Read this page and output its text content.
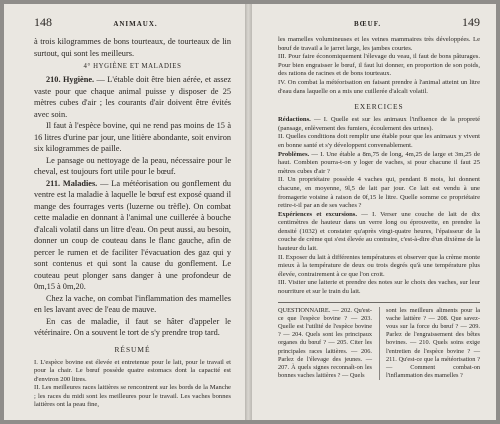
148	ANIMAUX.

à trois kilogrammes de bons tourteaux, de tourteaux de lin surtout, qui sont les meilleurs.

4° HYGIÈNE ET MALADIES

210. Hygiène. — L'étable doit être bien aérée, et assez vaste pour que chaque animal puisse y disposer de 25 mètres cubes d'air ; les courants d'air doivent être évités avec soin.

Il faut à l'espèce bovine, qui ne rend pas moins de 15 à 16 litres d'urine par jour, une litière abondante, soit environ six kilogrammes de paille.

Le pansage ou nettoyage de la peau, nécessaire pour le cheval, est toujours fort utile pour le bœuf.

211. Maladies. — La météorisation ou gonflement du ventre est la maladie à laquelle le bœuf est exposé quand il mange des fourrages verts (luzerne ou trèfle). On combat cette maladie en donnant à l'animal une cuillerée à bouche d'alcali volatil dans un litre d'eau. On peut aussi, au besoin, donner un coup de couteau dans le flanc gauche, afin de percer le rumen et de faciliter l'évacuation des gaz qui y sont contenus et qui sont la cause du gonflement. Le couteau peut plonger sans danger à une profondeur de 0m,15 à 0m,20.

Chez la vache, on combat l'inflammation des mamelles en les lavant avec de l'eau de mauve.

En cas de maladie, il faut se hâter d'appeler le vétérinaire. On a souvent le tort de s'y prendre trop tard.

RÉSUMÉ

I. L'espèce bovine est élevée et entretenue pour le lait, pour le travail et pour la chair. Le bœuf possède quatre estomacs dont la capacité est d'environ 200 litres.

II. Les meilleures races laitières se rencontrent sur les bords de la Manche ; les races du midi sont les meilleures pour le travail. Les vaches bonnes laitières ont la peau fine,

BŒUF.	149

les mamelles volumineuses et les veines mammaires très développées. Le bœuf de travail a le jarret large, les jambes courtes.

III. Pour faire économiquement l'élevage du veau, il faut de bons pâturages. Pour bien engraisser le bœuf, il faut lui donner, en proportion de son poids, des rations de racines et de bons tourteaux.

IV. On combat la météorisation en faisant prendre à l'animal atteint un litre d'eau dans laquelle on a mis une cuillerée d'alcali volatil.

EXERCICES

Rédactions. — I. Quelle est sur les animaux l'influence de la propreté (pansage, enlèvement des fumiers, écoulement des urines).
II. Quelles conditions doit remplir une étable pour que les animaux y vivent en bonne santé et s'y développent convenablement.

Problèmes. — I. Une étable a 8m,75 de long, 4m,25 de large et 3m,25 de haut. Combien pourra-t-on y loger de vaches, si pour chacune il faut 25 mètres cubes d'air ?
II. Un propriétaire possède 4 vaches qui, pendant 8 mois, lui donnent chacune, en moyenne, 9l,5 de lait par jour. Ce lait est vendu à une fromagerie voisine à raison de 0f,15 le litre. Quelle somme ce propriétaire retire-t-il par an de ses vaches ?

Expériences et excursions. — I. Verser une couche de lait de dix centimètres de hauteur dans un verre long ou éprouvette, en prendre la densité (1032) et constater qu'après vingt-quatre heures, l'épaisseur de la couche de crème qui s'est élevée au contraire, c'est-à-dire d'un dixième de la hauteur du lait.
II. Exposer du lait à différentes températures et observer que la crème monte mieux à la température de deux ou trois degrés qu'à une température plus élevée, contrairement à ce que l'on croit.
III. Visiter une laiterie et prendre des notes sur le choix des vaches, sur leur nourriture et sur le train du lait.

QUESTIONNAIRE. — 202. Qu'est-ce que l'espèce bovine ? — 203. Quelle est l'utilité de l'espèce bovine ? — 204. Quels sont les principaux organes du bœuf ? — 205. Citer les principales races laitières. — 206. Parlez de l'élevage des jeunes. — 207. À quels signes reconnaît-on les bonnes vaches laitières ? — Quels
sont les meilleurs aliments pour la vache laitière ? — 208. Que savez-vous sur la force du bœuf ? — 209. Parlez de l'engraissement des bêtes bovines. — 210. Quels soins exige l'entretien de l'espèce bovine ? — 211. Qu'est-ce que la météorisation ? — Comment combat-on l'inflammation des mamelles ?
